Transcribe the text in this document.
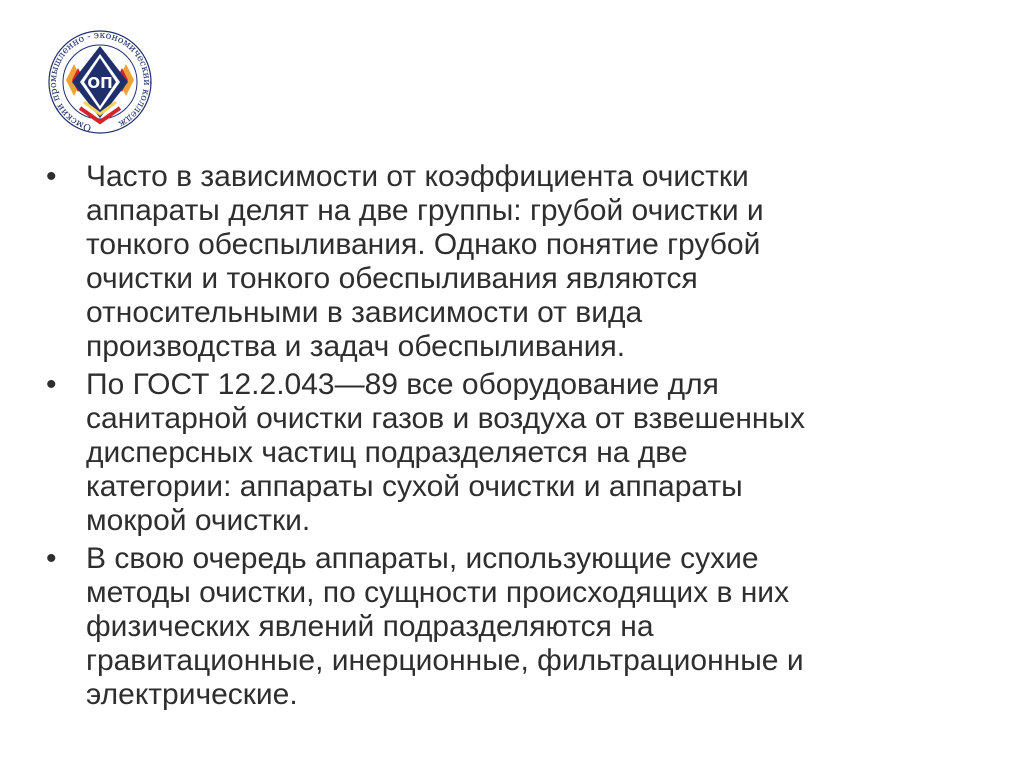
Омский промышленно - экономический колледж
ОП
• Часто в зависимости от коэффициента очистки
аппараты делят на две группы: грубой очистки и
тонкого обеспыливания. Однако понятие грубой
очистки и тонкого обеспыливания являются
относительными в зависимости от вида
производства и задач обеспыливания.
• По ГОСТ 12.2.043—89 все оборудование для
санитарной очистки газов и воздуха от взвешенных
дисперсных частиц подразделяется на две
категории: аппараты сухой очистки и аппараты
мокрой очистки.
• В свою очередь аппараты, использующие сухие
методы очистки, по сущности происходящих в них
физических явлений подразделяются на
гравитационные, инерционные, фильтрационные и
электрические.
